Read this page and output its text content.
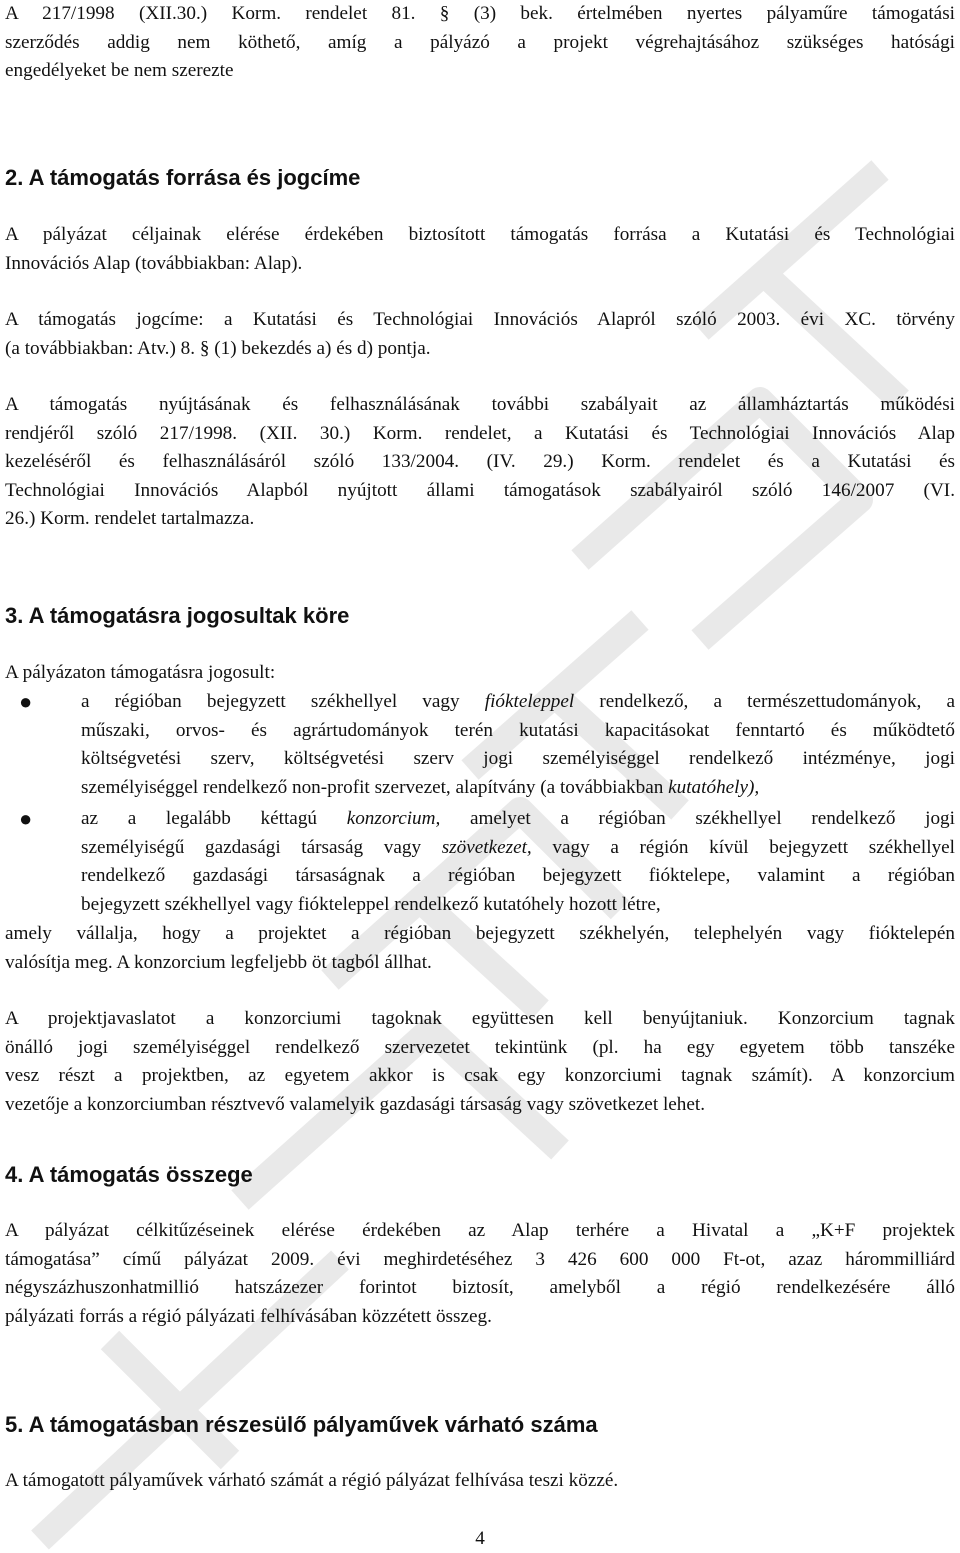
A 217/1998 (XII.30.) Korm. rendelet 81. § (3) bek. értelmében nyertes pályaműre támogatási
szerződés addig nem köthető, amíg a pályázó a projekt végrehajtásához szükséges hatósági
engedélyeket be nem szerezte

2. A támogatás forrása és jogcíme

A pályázat céljainak elérése érdekében biztosított támogatás forrása a Kutatási és Technológiai
Innovációs Alap (továbbiakban: Alap).

A támogatás jogcíme: a Kutatási és Technológiai Innovációs Alapról szóló 2003. évi XC. törvény
(a továbbiakban: Atv.) 8. § (1) bekezdés a) és d) pontja.

A támogatás nyújtásának és felhasználásának további szabályait az államháztartás működési
rendjéről szóló 217/1998. (XII. 30.) Korm. rendelet, a Kutatási és Technológiai Innovációs Alap
kezeléséről és felhasználásáról szóló 133/2004. (IV. 29.) Korm. rendelet és a Kutatási és
Technológiai Innovációs Alapból nyújtott állami támogatások szabályairól szóló 146/2007 (VI.
26.) Korm. rendelet tartalmazza.

3. A támogatásra jogosultak köre

A pályázaton támogatásra jogosult:

●	a régióban bejegyzett székhellyel vagy fiókteleppel rendelkező, a természettudományok, a
műszaki, orvos- és agrártudományok terén kutatási kapacitásokat fenntartó és működtető
költségvetési szerv, költségvetési szerv jogi személyiséggel rendelkező intézménye, jogi
személyiséggel rendelkező non-profit szervezet, alapítvány (a továbbiakban kutatóhely),
●	az a legalább kéttagú konzorcium, amelyet a régióban székhellyel rendelkező jogi
személyiségű gazdasági társaság vagy szövetkezet, vagy a régión kívül bejegyzett székhellyel
rendelkező gazdasági társaságnak a régióban bejegyzett fióktelepe, valamint a régióban
bejegyzett székhellyel vagy fiókteleppel rendelkező kutatóhely hozott létre,

amely vállalja, hogy a projektet a régióban bejegyzett székhelyén, telephelyén vagy fióktelepén
valósítja meg. A konzorcium legfeljebb öt tagból állhat.

A projektjavaslatot a konzorciumi tagoknak együttesen kell benyújtaniuk. Konzorcium tagnak
önálló jogi személyiséggel rendelkező szervezetet tekintünk (pl. ha egy egyetem több tanszéke
vesz részt a projektben, az egyetem akkor is csak egy konzorciumi tagnak számít). A konzorcium
vezetője a konzorciumban résztvevő valamelyik gazdasági társaság vagy szövetkezet lehet.

4. A támogatás összege

A pályázat célkitűzéseinek elérése érdekében az Alap terhére a Hivatal a „K+F projektek
támogatása” című pályázat 2009. évi meghirdetéséhez 3 426 600 000 Ft-ot, azaz hárommilliárd
négyszázhuszonhatmillió hatszázezer forintot biztosít, amelyből a régió rendelkezésére álló
pályázati forrás a régió pályázati felhívásában közzétett összeg.

5. A támogatásban részesülő pályaművek várható száma

A támogatott pályaművek várható számát a régió pályázat felhívása teszi közzé.

4
